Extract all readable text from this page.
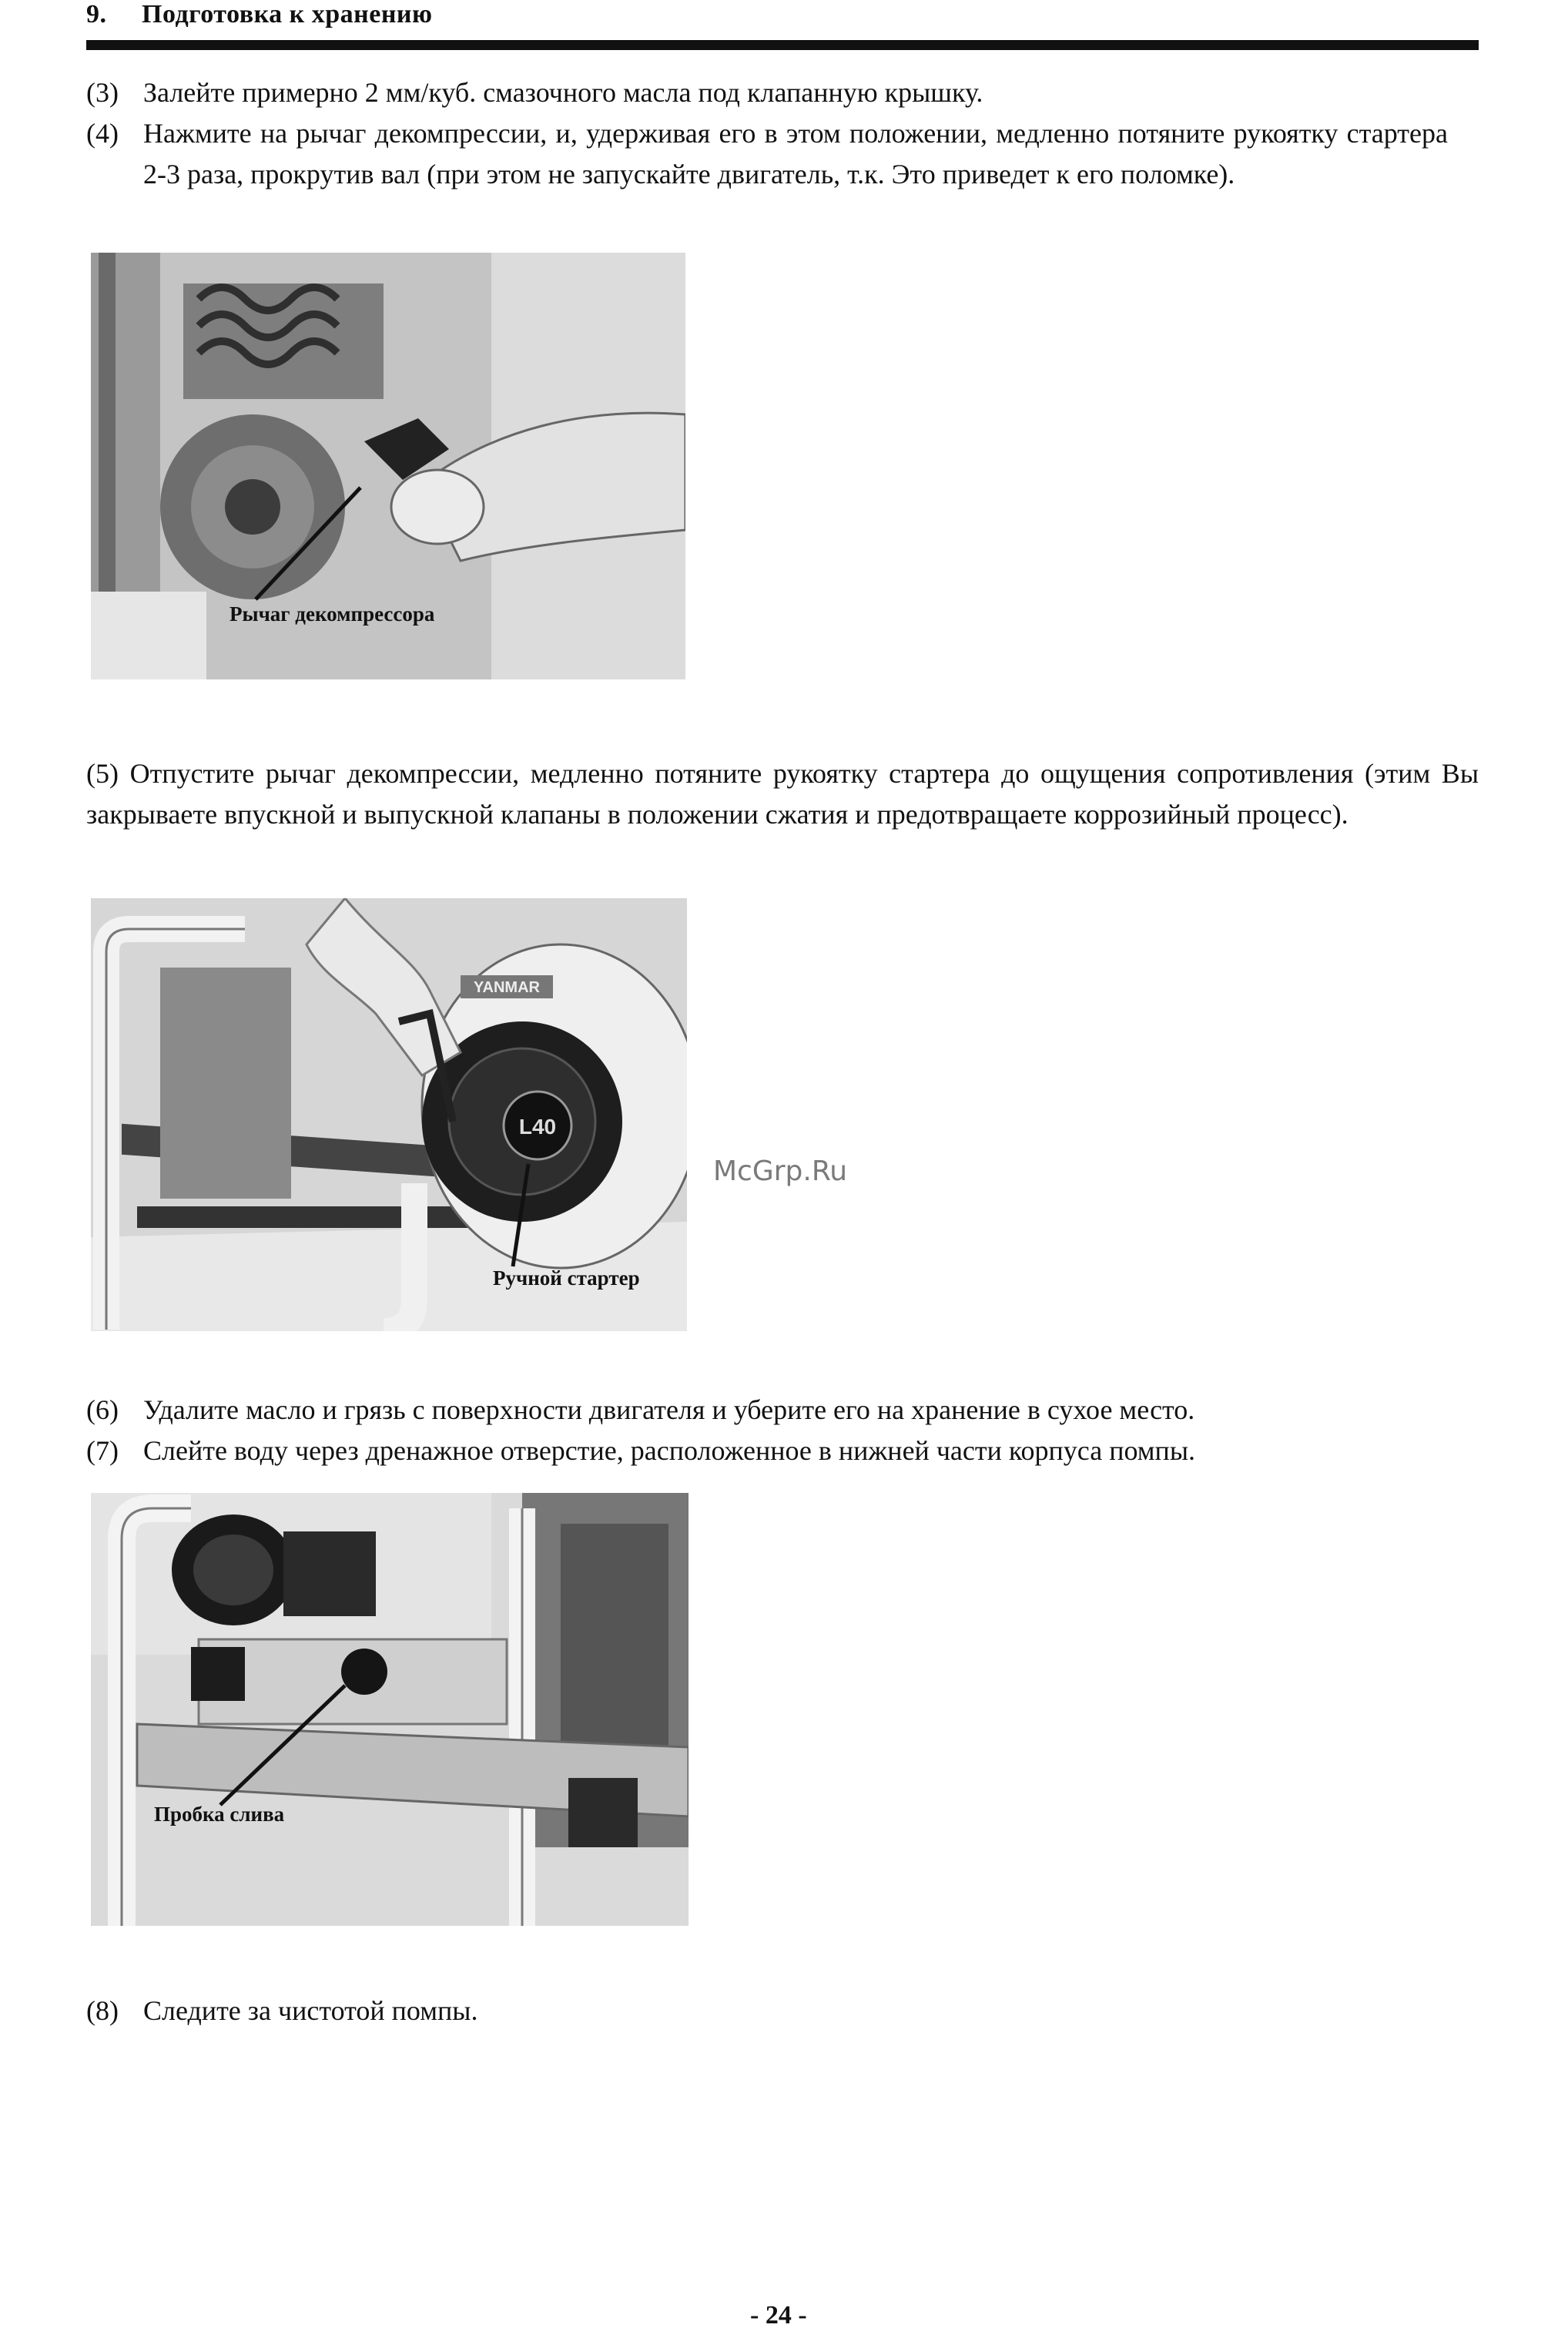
9. Подготовка к хранению
(3) Залейте примерно 2 мм/куб. смазочного масла под клапанную крышку.
(4) Нажмите на рычаг декомпрессии, и, удерживая его в этом положении, медленно потяните рукоятку стартера 2-3 раза, прокрутив вал (при этом не запускайте двигатель, т.к. Это приведет к его поломке).
Рычаг декомпрессора
(5) Отпустите рычаг декомпрессии, медленно потяните рукоятку стартера до ощущения сопротивления (этим Вы закрываете впускной и выпускной клапаны в положении сжатия и предотвращаете коррозийный процесс).
L40
YANMAR
Ручной стартер
McGrp.Ru
(6) Удалите масло и грязь с поверхности двигателя и уберите его на хранение в сухое место.
(7) Слейте воду через дренажное отверстие, расположенное в нижней части корпуса помпы.
Пробка слива
(8) Следите за чистотой помпы.
- 24 -
